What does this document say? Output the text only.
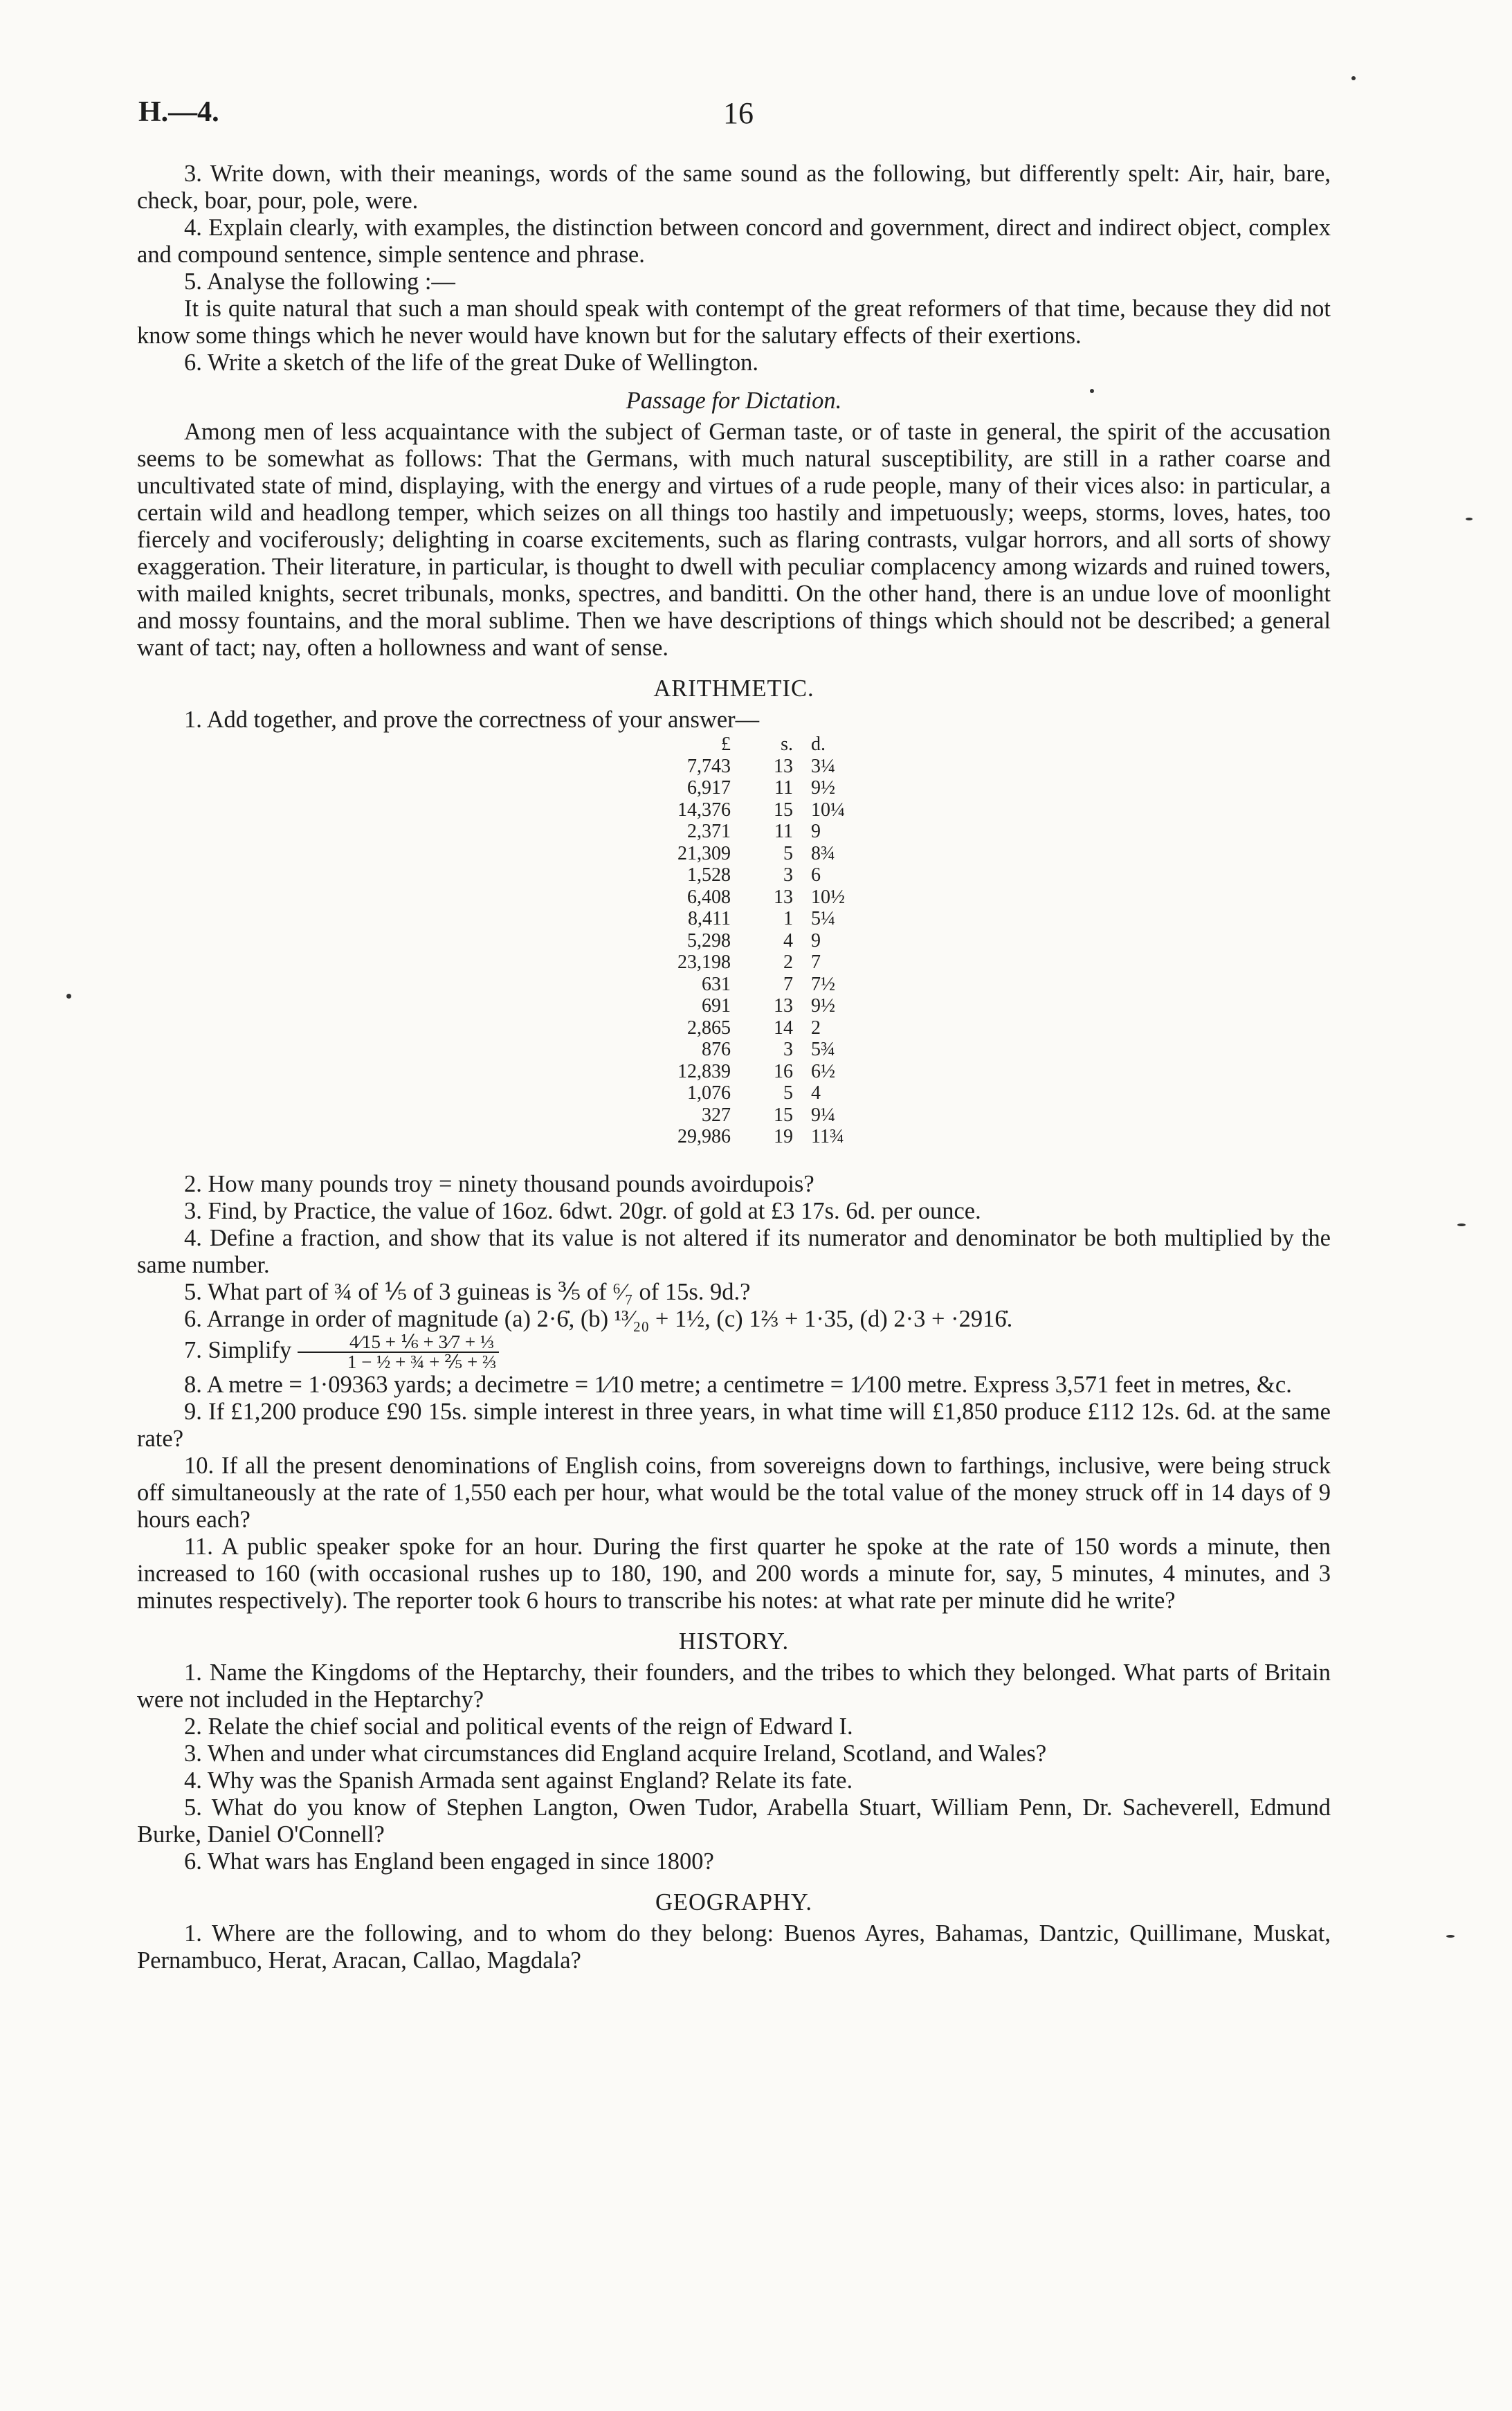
H.—4.	16

3. Write down, with their meanings, words of the same sound as the following, but differently spelt: Air, hair, bare, check, boar, pour, pole, were.

4. Explain clearly, with examples, the distinction between concord and government, direct and indirect object, complex and compound sentence, simple sentence and phrase.

5. Analyse the following :—

It is quite natural that such a man should speak with contempt of the great reformers of that time, because they did not know some things which he never would have known but for the salutary effects of their exertions.

6. Write a sketch of the life of the great Duke of Wellington.

Passage for Dictation.

Among men of less acquaintance with the subject of German taste, or of taste in general, the spirit of the accusation seems to be somewhat as follows: That the Germans, with much natural susceptibility, are still in a rather coarse and uncultivated state of mind, displaying, with the energy and virtues of a rude people, many of their vices also: in particular, a certain wild and headlong temper, which seizes on all things too hastily and impetuously; weeps, storms, loves, hates, too fiercely and vociferously; delighting in coarse excitements, such as flaring contrasts, vulgar horrors, and all sorts of showy exaggeration. Their literature, in particular, is thought to dwell with peculiar complacency among wizards and ruined towers, with mailed knights, secret tribunals, monks, spectres, and banditti. On the other hand, there is an undue love of moonlight and mossy fountains, and the moral sublime. Then we have descriptions of things which should not be described; a general want of tact; nay, often a hollowness and want of sense.

ARITHMETIC.

1. Add together, and prove the correctness of your answer—

£	s.	d.
7,743	13	3¼
6,917	11	9½
14,376	15	10¼
2,371	11	9
21,309	5	8¾
1,528	3	6
6,408	13	10½
8,411	1	5¼
5,298	4	9
23,198	2	7
631	7	7½
691	13	9½
2,865	14	2
876	3	5¾
12,839	16	6½
1,076	5	4
327	15	9¼
29,986	19	11¾

2. How many pounds troy = ninety thousand pounds avoirdupois?

3. Find, by Practice, the value of 16oz. 6dwt. 20gr. of gold at £3 17s. 6d. per ounce.

4. Define a fraction, and show that its value is not altered if its numerator and denominator be both multiplied by the same number.

5. What part of ¾ of ⅕ of 3 guineas is ⅗ of ⁶⁄₇ of 15s. 9d.?

6. Arrange in order of magnitude (a) 2·6̇, (b) ¹³⁄₂₀ + 1½, (c) 1⅔ + 1·35, (d) 2·3 + ·2916̇.

7. Simplify $\frac{\text{4⁄15 + ⅙ + 3⁄7 + ⅓}}{\text{1 − ½ + ¾ + ⅖ + ⅔}}$

8. A metre = 1·09363 yards; a decimetre = 1⁄10 metre; a centimetre = 1⁄100 metre. Express 3,571 feet in metres, &c.

9. If £1,200 produce £90 15s. simple interest in three years, in what time will £1,850 produce £112 12s. 6d. at the same rate?

10. If all the present denominations of English coins, from sovereigns down to farthings, inclusive, were being struck off simultaneously at the rate of 1,550 each per hour, what would be the total value of the money struck off in 14 days of 9 hours each?

11. A public speaker spoke for an hour. During the first quarter he spoke at the rate of 150 words a minute, then increased to 160 (with occasional rushes up to 180, 190, and 200 words a minute for, say, 5 minutes, 4 minutes, and 3 minutes respectively). The reporter took 6 hours to transcribe his notes: at what rate per minute did he write?

HISTORY.

1. Name the Kingdoms of the Heptarchy, their founders, and the tribes to which they belonged. What parts of Britain were not included in the Heptarchy?

2. Relate the chief social and political events of the reign of Edward I.

3. When and under what circumstances did England acquire Ireland, Scotland, and Wales?

4. Why was the Spanish Armada sent against England? Relate its fate.

5. What do you know of Stephen Langton, Owen Tudor, Arabella Stuart, William Penn, Dr. Sacheverell, Edmund Burke, Daniel O'Connell?

6. What wars has England been engaged in since 1800?

GEOGRAPHY.

1. Where are the following, and to whom do they belong: Buenos Ayres, Bahamas, Dantzic, Quillimane, Muskat, Pernambuco, Herat, Aracan, Callao, Magdala?
